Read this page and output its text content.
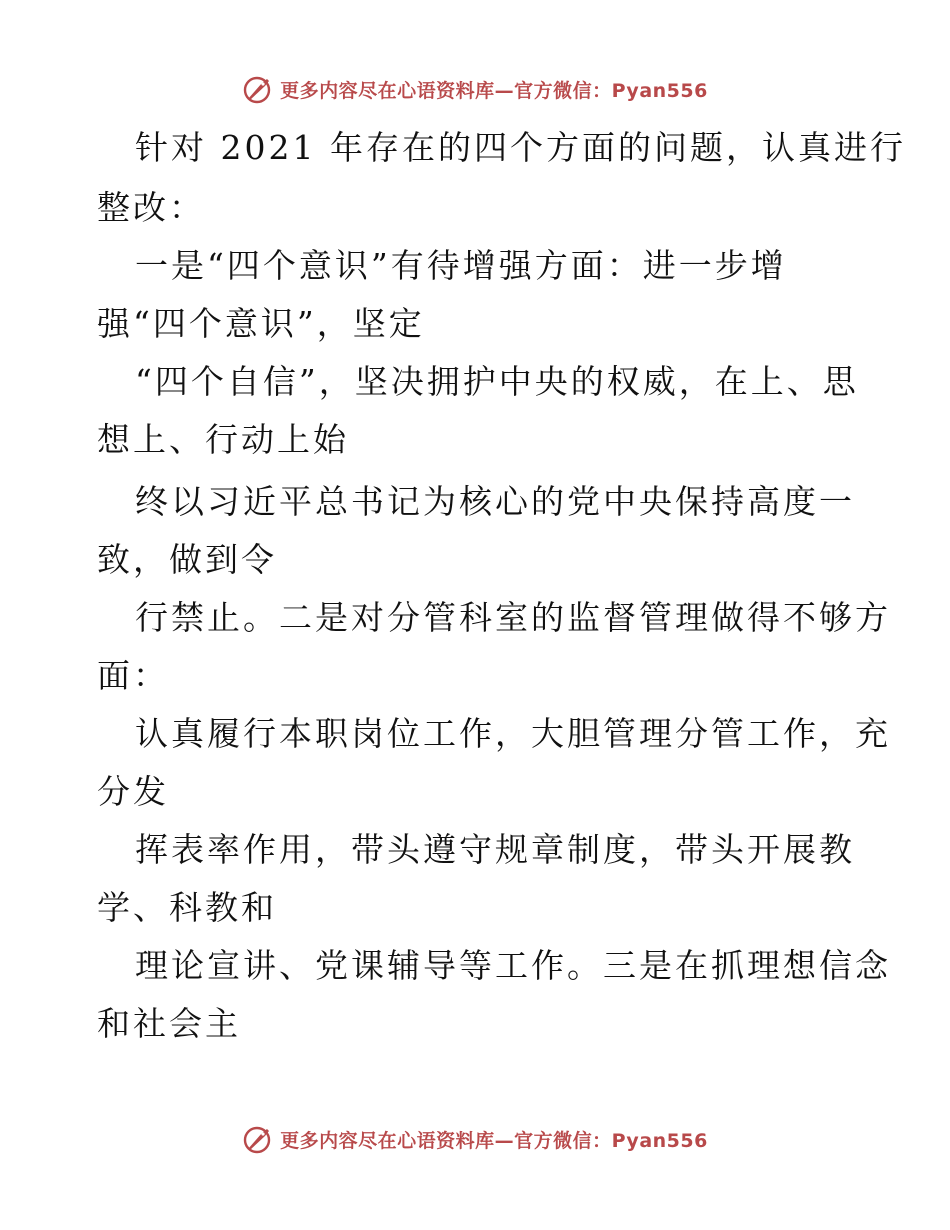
更多内容尽在心语资料库—官方微信：Pyan556
针对 2021 年存在的四个方面的问题，认真进行
整改：
一是“四个意识”有待增强方面：进一步增
强“四个意识”，坚定
“四个自信”，坚决拥护中央的权威，在上、思
想上、行动上始
终以习近平总书记为核心的党中央保持高度一
致，做到令
行禁止。二是对分管科室的监督管理做得不够方
面：
认真履行本职岗位工作，大胆管理分管工作，充
分发
挥表率作用，带头遵守规章制度，带头开展教
学、科教和
理论宣讲、党课辅导等工作。三是在抓理想信念
和社会主
更多内容尽在心语资料库—官方微信：Pyan556
